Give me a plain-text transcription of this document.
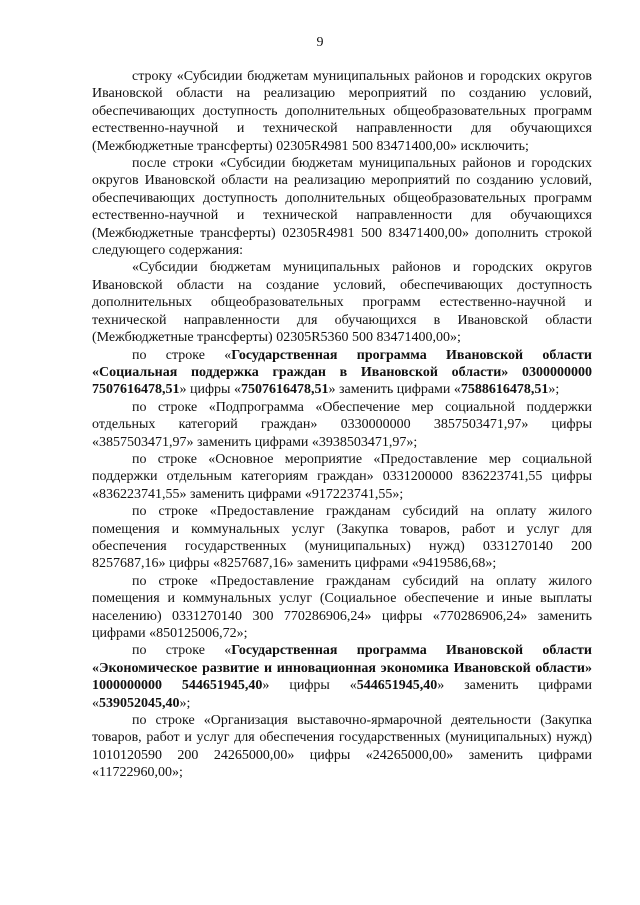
9

строку «Субсидии бюджетам муниципальных районов и городских округов Ивановской области на реализацию мероприятий по созданию условий, обеспечивающих доступность дополнительных общеобразовательных программ естественно-научной и технической направленности для обучающихся (Межбюджетные трансферты) 02305R4981 500 83471400,00» исключить;

после строки «Субсидии бюджетам муниципальных районов и городских округов Ивановской области на реализацию мероприятий по созданию условий, обеспечивающих доступность дополнительных общеобразовательных программ естественно-научной и технической направленности для обучающихся (Межбюджетные трансферты) 02305R4981 500 83471400,00» дополнить строкой следующего содержания:

«Субсидии бюджетам муниципальных районов и городских округов Ивановской области на создание условий, обеспечивающих доступность дополнительных общеобразовательных программ естественно-научной и технической направленности для обучающихся в Ивановской области (Межбюджетные трансферты) 02305R5360 500 83471400,00»;

по строке «Государственная программа Ивановской области «Социальная поддержка граждан в Ивановской области» 0300000000 7507616478,51» цифры «7507616478,51» заменить цифрами «7588616478,51»;

по строке «Подпрограмма «Обеспечение мер социальной поддержки отдельных категорий граждан» 0330000000 3857503471,97» цифры «3857503471,97» заменить цифрами «3938503471,97»;

по строке «Основное мероприятие «Предоставление мер социальной поддержки отдельным категориям граждан» 0331200000 836223741,55 цифры «836223741,55» заменить цифрами «917223741,55»;

по строке «Предоставление гражданам субсидий на оплату жилого помещения и коммунальных услуг (Закупка товаров, работ и услуг для обеспечения государственных (муниципальных) нужд) 0331270140 200 8257687,16» цифры «8257687,16» заменить цифрами «9419586,68»;

по строке «Предоставление гражданам субсидий на оплату жилого помещения и коммунальных услуг (Социальное обеспечение и иные выплаты населению) 0331270140 300 770286906,24» цифры «770286906,24» заменить цифрами «850125006,72»;

по строке «Государственная программа Ивановской области «Экономическое развитие и инновационная экономика Ивановской области» 1000000000 544651945,40» цифры «544651945,40» заменить цифрами «539052045,40»;

по строке «Организация выставочно-ярмарочной деятельности (Закупка товаров, работ и услуг для обеспечения государственных (муниципальных) нужд) 1010120590 200 24265000,00» цифры «24265000,00» заменить цифрами «11722960,00»;
